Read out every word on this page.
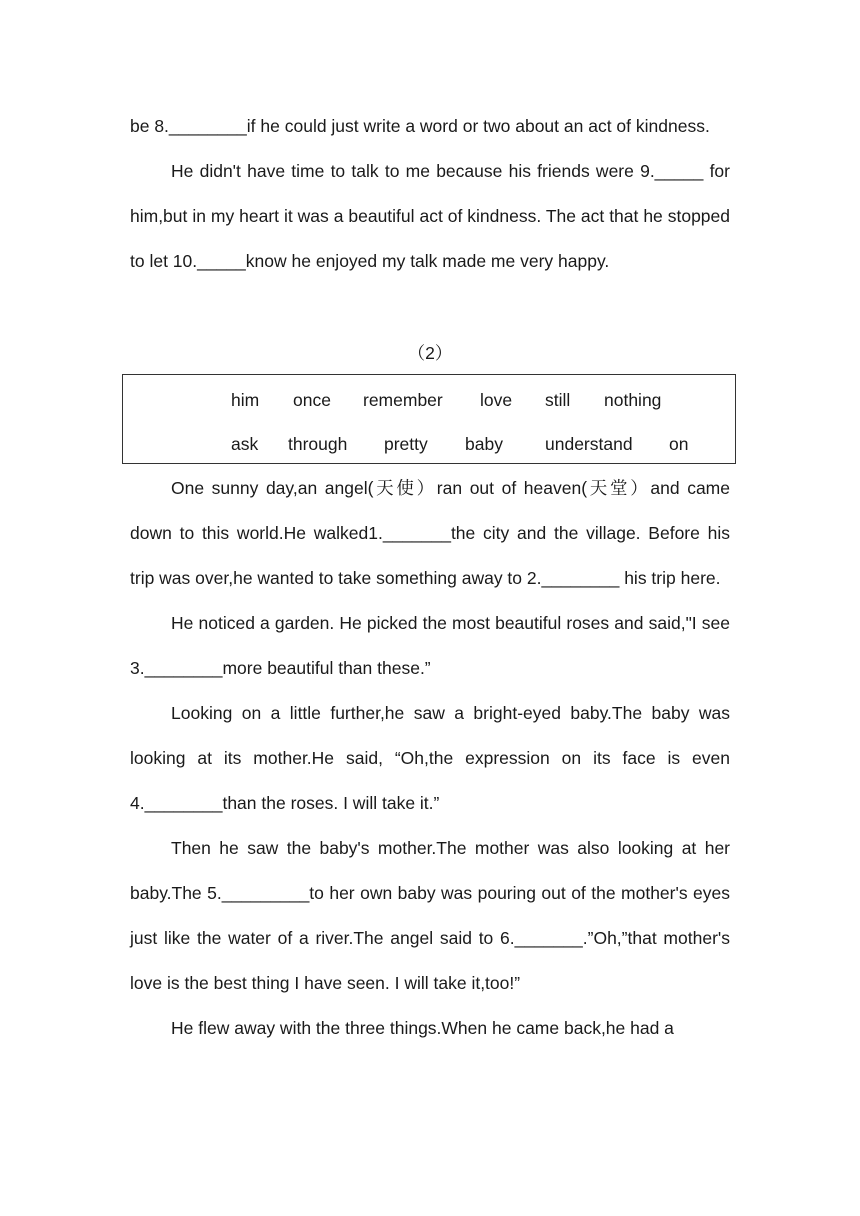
be 8.________if he could just write a word or two about an act of kindness.

He didn't have time to talk to me because his friends were 9._____ for him,but in my heart it was a beautiful act of kindness. The act that he stopped to let 10._____know he enjoyed my talk made me very happy.

（2）
him once remember love still nothing
ask through pretty baby understand on

One sunny day,an angel(天使）ran out of heaven(天堂）and came down to this world.He walked1._______the city and the village. Before his trip was over,he wanted to take something away to 2.________ his trip here.

He noticed a garden. He picked the most beautiful roses and said,"I see 3.________more beautiful than these.”

Looking on a little further,he saw a bright-eyed baby.The baby was looking at its mother.He said, “Oh,the expression on its face is even 4.________than the roses. I will take it.”

Then he saw the baby's mother.The mother was also looking at her baby.The 5._________to her own baby was pouring out of the mother's eyes just like the water of a river.The angel said to 6._______.”Oh,”that mother's love is the best thing I have seen. I will take it,too!”

He flew away with the three things.When he came back,he had a
